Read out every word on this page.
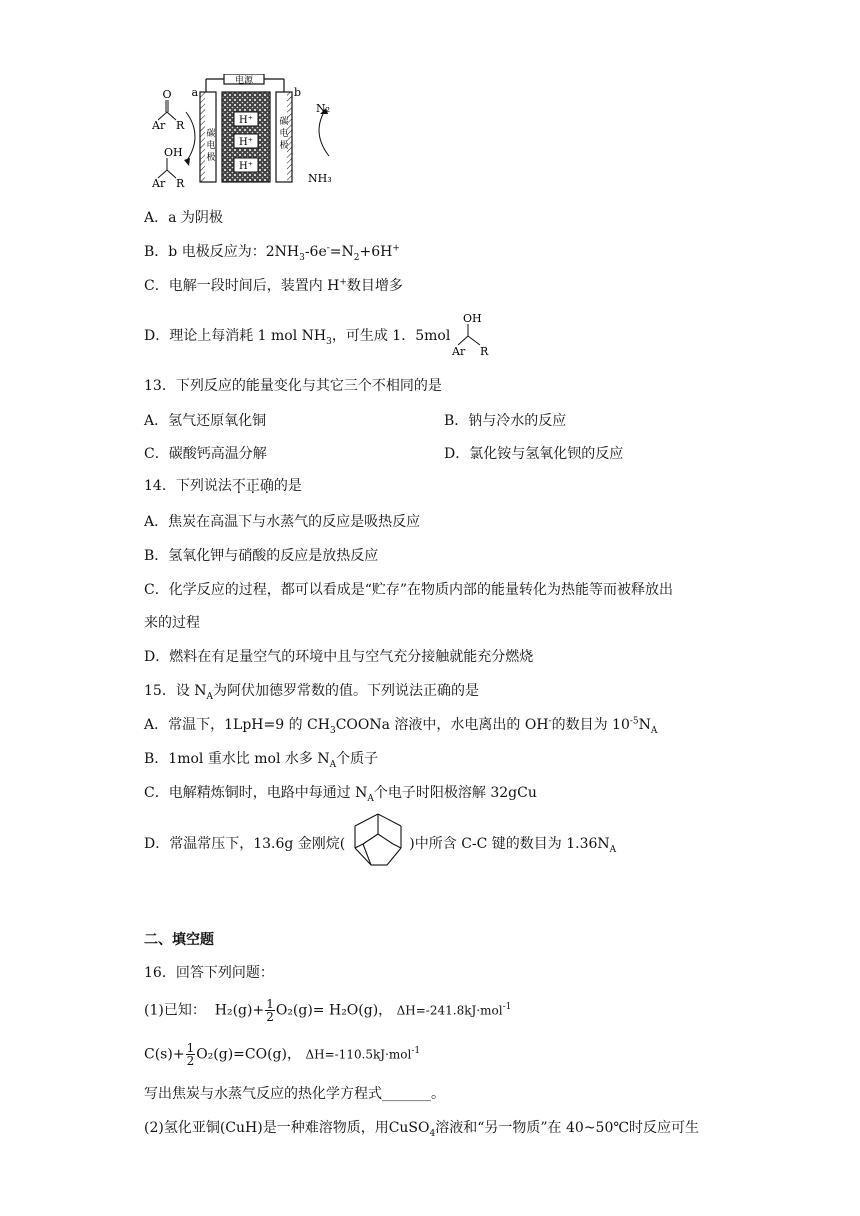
H⁺
H⁺
H⁺
电源
a	b
碳
电
极
碳
电
极
O
Ar R
OH
Ar R
N₂
NH₃
A．a 为阴极
B．b 电极反应为：$2NH_3-6e^-=N_2+6H^+$
C．电解一段时间后，装置内 H+数目增多
D．理论上每消耗 1 mol $NH_3$，可生成 1．5mol
OH
Ar R
13．下列反应的能量变化与其它三个不相同的是
A．氢气还原氧化铜	B．钠与冷水的反应
C．碳酸钙高温分解	D．氯化铵与氢氧化钡的反应
14．下列说法不正确的是
A．焦炭在高温下与水蒸气的反应是吸热反应
B．氢氧化钾与硝酸的反应是放热反应
C．化学反应的过程，都可以看成是“贮存”在物质内部的能量转化为热能等而被释放出
来的过程
D．燃料在有足量空气的环境中且与空气充分接触就能充分燃烧
15．设 $N_A$为阿伏加德罗常数的值。下列说法正确的是
A．常温下，1LpH=9 的 $CH_3COONa$ 溶液中，水电离出的 OH-的数目为 $10^{-5}N_A$
B．1mol 重水比 mol 水多 $N_A$个质子
C．电解精炼铜时，电路中每通过 $N_A$个电子时阳极溶解 32gCu
D．常温常压下，13.6g 金刚烷(	)中所含 C-C 键的数目为 $1.36N_A$
二、填空题
16．回答下列问题：
(1)已知： $H_2(g)+ \frac{1}{2} O_2(g)= H_2O(g)$， ΔH=-241.8kJ·mol$^{-1}$
$C(s)+ \frac{1}{2} O_2(g)=CO(g)$， ΔH=-110.5kJ·mol$^{-1}$
写出焦炭与水蒸气反应的热化学方程式_______。
(2)氢化亚铜(CuH)是一种难溶物质，用CuSO$_4$溶液和“另一物质”在 40~50℃时反应可生
